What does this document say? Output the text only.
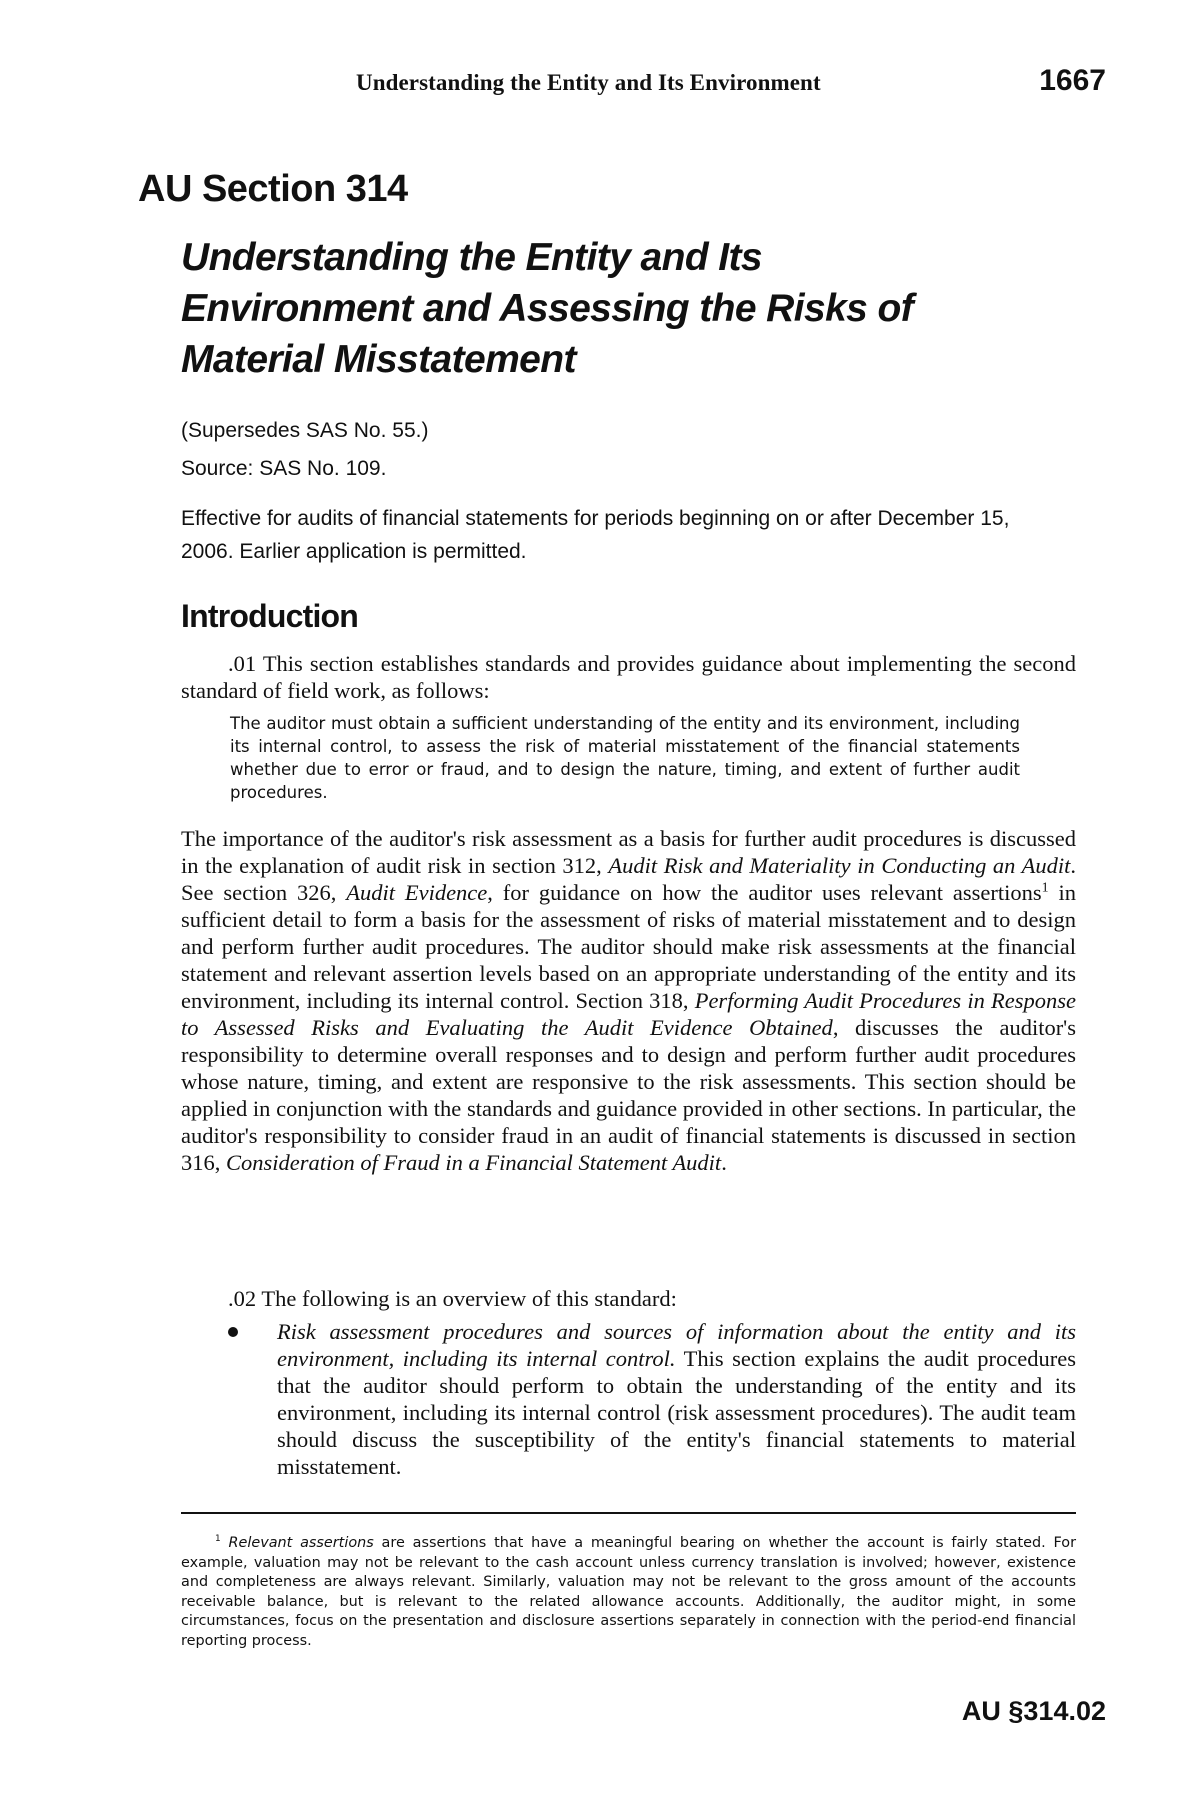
Understanding the Entity and Its Environment	1667
AU Section 314
Understanding the Entity and Its Environment and Assessing the Risks of Material Misstatement
(Supersedes SAS No. 55.)
Source: SAS No. 109.
Effective for audits of financial statements for periods beginning on or after December 15, 2006. Earlier application is permitted.
Introduction
.01 This section establishes standards and provides guidance about implementing the second standard of field work, as follows:
The auditor must obtain a sufficient understanding of the entity and its environment, including its internal control, to assess the risk of material misstatement of the financial statements whether due to error or fraud, and to design the nature, timing, and extent of further audit procedures.
The importance of the auditor's risk assessment as a basis for further audit procedures is discussed in the explanation of audit risk in section 312, Audit Risk and Materiality in Conducting an Audit. See section 326, Audit Evidence, for guidance on how the auditor uses relevant assertions$^1$ in sufficient detail to form a basis for the assessment of risks of material misstatement and to design and perform further audit procedures. The auditor should make risk assessments at the financial statement and relevant assertion levels based on an appropriate understanding of the entity and its environment, including its internal control. Section 318, Performing Audit Procedures in Response to Assessed Risks and Evaluating the Audit Evidence Obtained, discusses the auditor's responsibility to determine overall responses and to design and perform further audit procedures whose nature, timing, and extent are responsive to the risk assessments. This section should be applied in conjunction with the standards and guidance provided in other sections. In particular, the auditor's responsibility to consider fraud in an audit of financial statements is discussed in section 316, Consideration of Fraud in a Financial Statement Audit.
.02 The following is an overview of this standard:
Risk assessment procedures and sources of information about the entity and its environment, including its internal control. This section explains the audit procedures that the auditor should perform to obtain the understanding of the entity and its environment, including its internal control (risk assessment procedures). The audit team should discuss the susceptibility of the entity's financial statements to material misstatement.
$^1$ Relevant assertions are assertions that have a meaningful bearing on whether the account is fairly stated. For example, valuation may not be relevant to the cash account unless currency translation is involved; however, existence and completeness are always relevant. Similarly, valuation may not be relevant to the gross amount of the accounts receivable balance, but is relevant to the related allowance accounts. Additionally, the auditor might, in some circumstances, focus on the presentation and disclosure assertions separately in connection with the period-end financial reporting process.
AU §314.02
